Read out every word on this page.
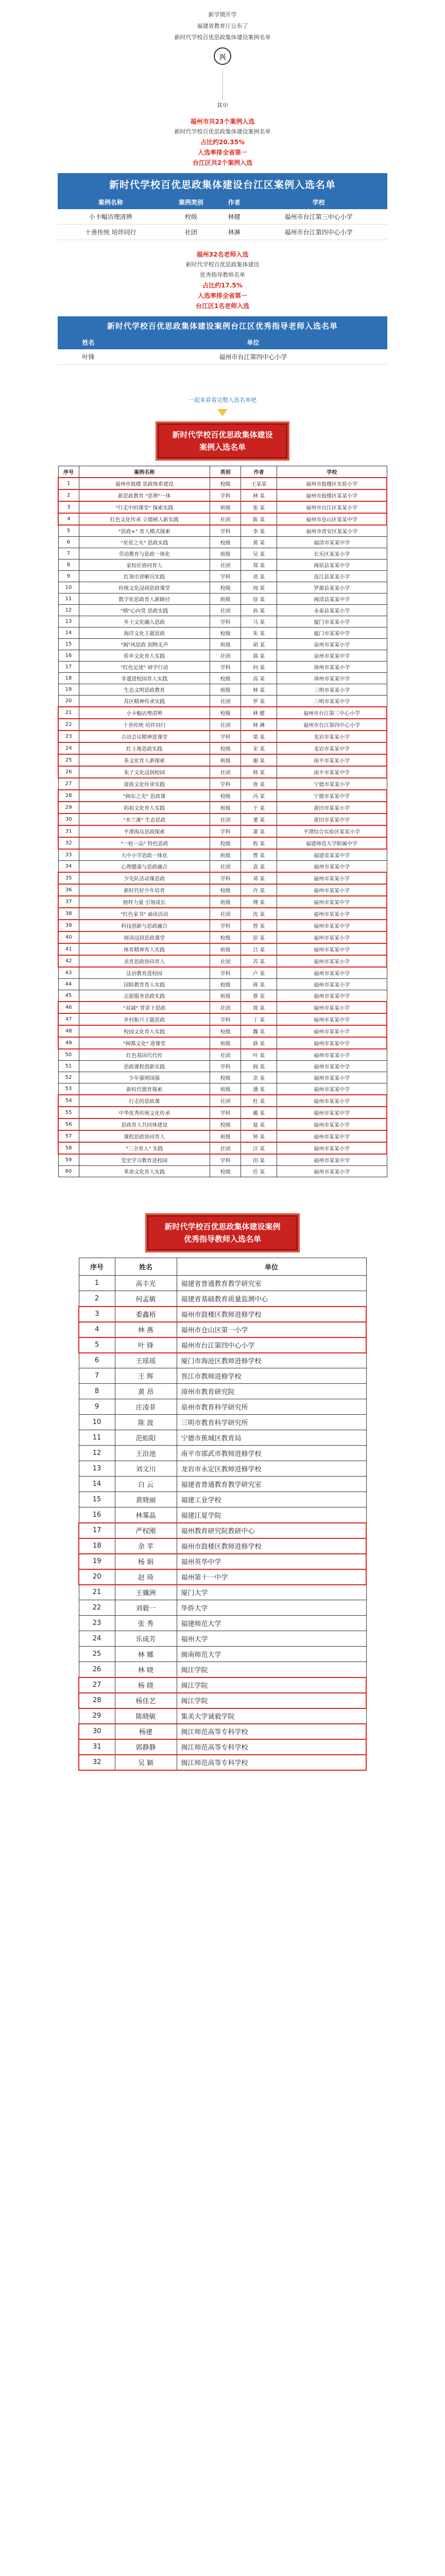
新学期开学

福建省教育厅公布了

新时代学校百优思政集体建设案例名单

兴

其中

福州市共23个案例入选

新时代学校百优思政集体建设案例名单

占比约20.35%

入选率排全省第一

台江区共2个案例入选

新时代学校百优思政集体建设台江区案例入选名单
案例名称	案例类别	作者	学校
小卡幅访理清辨	校级	林健	福州市台江第三中心小学
十善传统 培伴同行	社团	林淋	福州市台江第四中心小学

福州32名老师入选

新时代学校百优思政集体建设

优秀指导教师名单

占比约17.5%

入选率排全省第一

台江区1名老师入选

新时代学校百优思政集体建设案例台江区优秀指导老师入选名单
姓名	单位
叶锋	福州市台江第四中心小学
一起来看看完整入选名单吧
新时代学校百优思政集体建设
案例入选名单
序号	案例名称	类别	作者	学校
1	福州市鼓楼 思政体系建设	校级	王某某	福州市鼓楼区实验小学
2	新思政教育 "思辨"一体	学科	林 某	福州市鼓楼区某某小学
3	"行走中的课堂" 探索实践	班级	张 某	福州市台江区某某小学
4	红色文化传承 立德树人新实践	社团	陈 某	福州市仓山区某某中学
5	"思政+" 育人模式探索	学科	李 某	福州市晋安区某某小学
6	"星星之火" 思政实践	校级	黄 某	福清市某某中学
7	劳动教育与思政一体化	班级	吴 某	长乐区某某小学
8	家校社协同育人	社团	郑 某	闽侯县某某中学
9	红领巾讲解员实践	学科	刘 某	连江县某某小学
10	传统文化浸润思政课堂	校级	周 某	罗源县某某小学
11	数字化思政育人新路径	班级	徐 某	闽清县某某中学
12	"榕"心向党 思政实践	社团	孙 某	永泰县某某小学
13	乡土文化融入思政	学科	马 某	厦门市某某小学
14	海洋文化主题思政	校级	朱 某	厦门市某某中学
15	"闽"风思政 润物无声	班级	胡 某	泉州市某某小学
16	侨乡文化育人实践	社团	郭 某	泉州市某某中学
17	"红色足迹" 研学行动	学科	何 某	漳州市某某小学
18	非遗进校园育人实践	校级	高 某	漳州市某某中学
19	生态文明思政教育	班级	林 某	三明市某某小学
20	苏区精神传承实践	社团	罗 某	三明市某某中学
21	小卡幅访理清辨	校级	林 健	福州市台江第三中心小学
22	十善传统 培伴同行	社团	林 淋	福州市台江第四中心小学
23	古田会议精神进课堂	学科	梁 某	龙岩市某某小学
24	红土地思政实践	校级	宋 某	龙岩市某某中学
25	茶文化育人新探索	班级	谢 某	南平市某某小学
26	朱子文化浸润校园	社团	韩 某	南平市某某中学
27	畲族文化传承实践	学科	唐 某	宁德市某某小学
28	"闽东之光" 思政课	校级	冯 某	宁德市某某中学
29	妈祖文化育人实践	班级	于 某	莆田市某某小学
30	"木兰溪" 生态思政	社团	董 某	莆田市某某中学
31	平潭海岛思政探索	学科	萧 某	平潭综合实验区某某小学
32	"一校一品" 特色思政	校级	程 某	福建师范大学附属中学
33	大中小学思政一体化	班级	曹 某	福建省某某中学
34	心理健康与思政融合	社团	袁 某	福州市某某中学
35	少先队活动课思政	学科	邓 某	福州市某某小学
36	新时代好少年培育	校级	许 某	福州市某某小学
37	榜样力量 引领成长	班级	傅 某	福州市某某中学
38	"红色家书" 诵读活动	社团	沈 某	福州市某某小学
39	科技创新与思政融合	学科	曾 某	福州市某某中学
40	阅读浸润思政课堂	校级	彭 某	福州市某某小学
41	体育精神育人实践	班级	吕 某	福州市某某中学
42	美育思政协同育人	社团	苏 某	福州市某某小学
43	法治教育进校园	学科	卢 某	福州市某某中学
44	国防教育育人实践	校级	蒋 某	福州市某某小学
45	志愿服务思政实践	班级	蔡 某	福州市某某中学
46	"双减" 背景下思政	社团	贾 某	福州市某某小学
47	乡村振兴主题思政	学科	丁 某	福州市某某中学
48	校园文化育人实践	校级	魏 某	福州市某某小学
49	"闽都文化" 进课堂	班级	薛 某	福州市某某中学
50	红色基因代代传	社团	叶 某	福州市某某小学
51	思政课程创新实践	学科	阎 某	福州市某某中学
52	少年强则国强	校级	余 某	福州市某某小学
53	新时代德育探索	班级	潘 某	福州市某某中学
54	行走的思政课	社团	杜 某	福州市某某小学
55	中华优秀传统文化传承	学科	戴 某	福州市某某中学
56	思政育人共同体建设	校级	夏 某	福州市某某小学
57	课程思政协同育人	班级	钟 某	福州市某某中学
58	"三全育人" 实践	社团	汪 某	福州市某某小学
59	党史学习教育进校园	学科	田 某	福州市某某中学
60	革命文化育人实践	校级	任 某	福州市某某小学
新时代学校百优思政集体建设案例
优秀指导教师入选名单
序号	姓名	单位
1	高丰光	福建省普通教育教学研究室
2	何孟敏	福建省基础教育质量监测中心
3	委鑫梧	福州市鼓楼区教师进修学校
4	林 燕	福州市仓山区第一小学
5	叶 锋	福州市台江第四中心小学
6	王瑶瑶	厦门市海沧区教师进修学校
7	王 辉	晋江市教师进修学校
8	黄 昂	漳州市教育研究院
9	庄凌菲	泉州市教育科学研究所
10	陈 波	三明市教育科学研究所
11	范贻阳	宁德市蕉城区教育局
12	王沿池	南平市邵武市教师进修学校
13	刘文川	龙岩市永定区教师进修学校
14	白 云	福建省普通教育教学研究室
15	黄晓丽	福建工业学校
16	林雾晶	福建江夏学院
17	严权刚	福州教育研究院教研中心
18	余 苹	福州市鼓楼区教师进修学校
19	杨 娟	福州英华中学
20	赵 琦	福州第十一中学
21	王骧洲	厦门大学
22	刘毅一	华侨大学
23	张 秀	福建师范大学
24	乐成芳	福州大学
25	林 娜	闽南师范大学
26	林 晓	闽江学院
27	杨 晓	闽江学院
28	杨佳艺	闽江学院
29	陈晓敏	集美大学诚毅学院
30	杨建	闽江师范高等专科学校
31	郭静静	闽江师范高等专科学校
32	吴 颖	闽江师范高等专科学校
